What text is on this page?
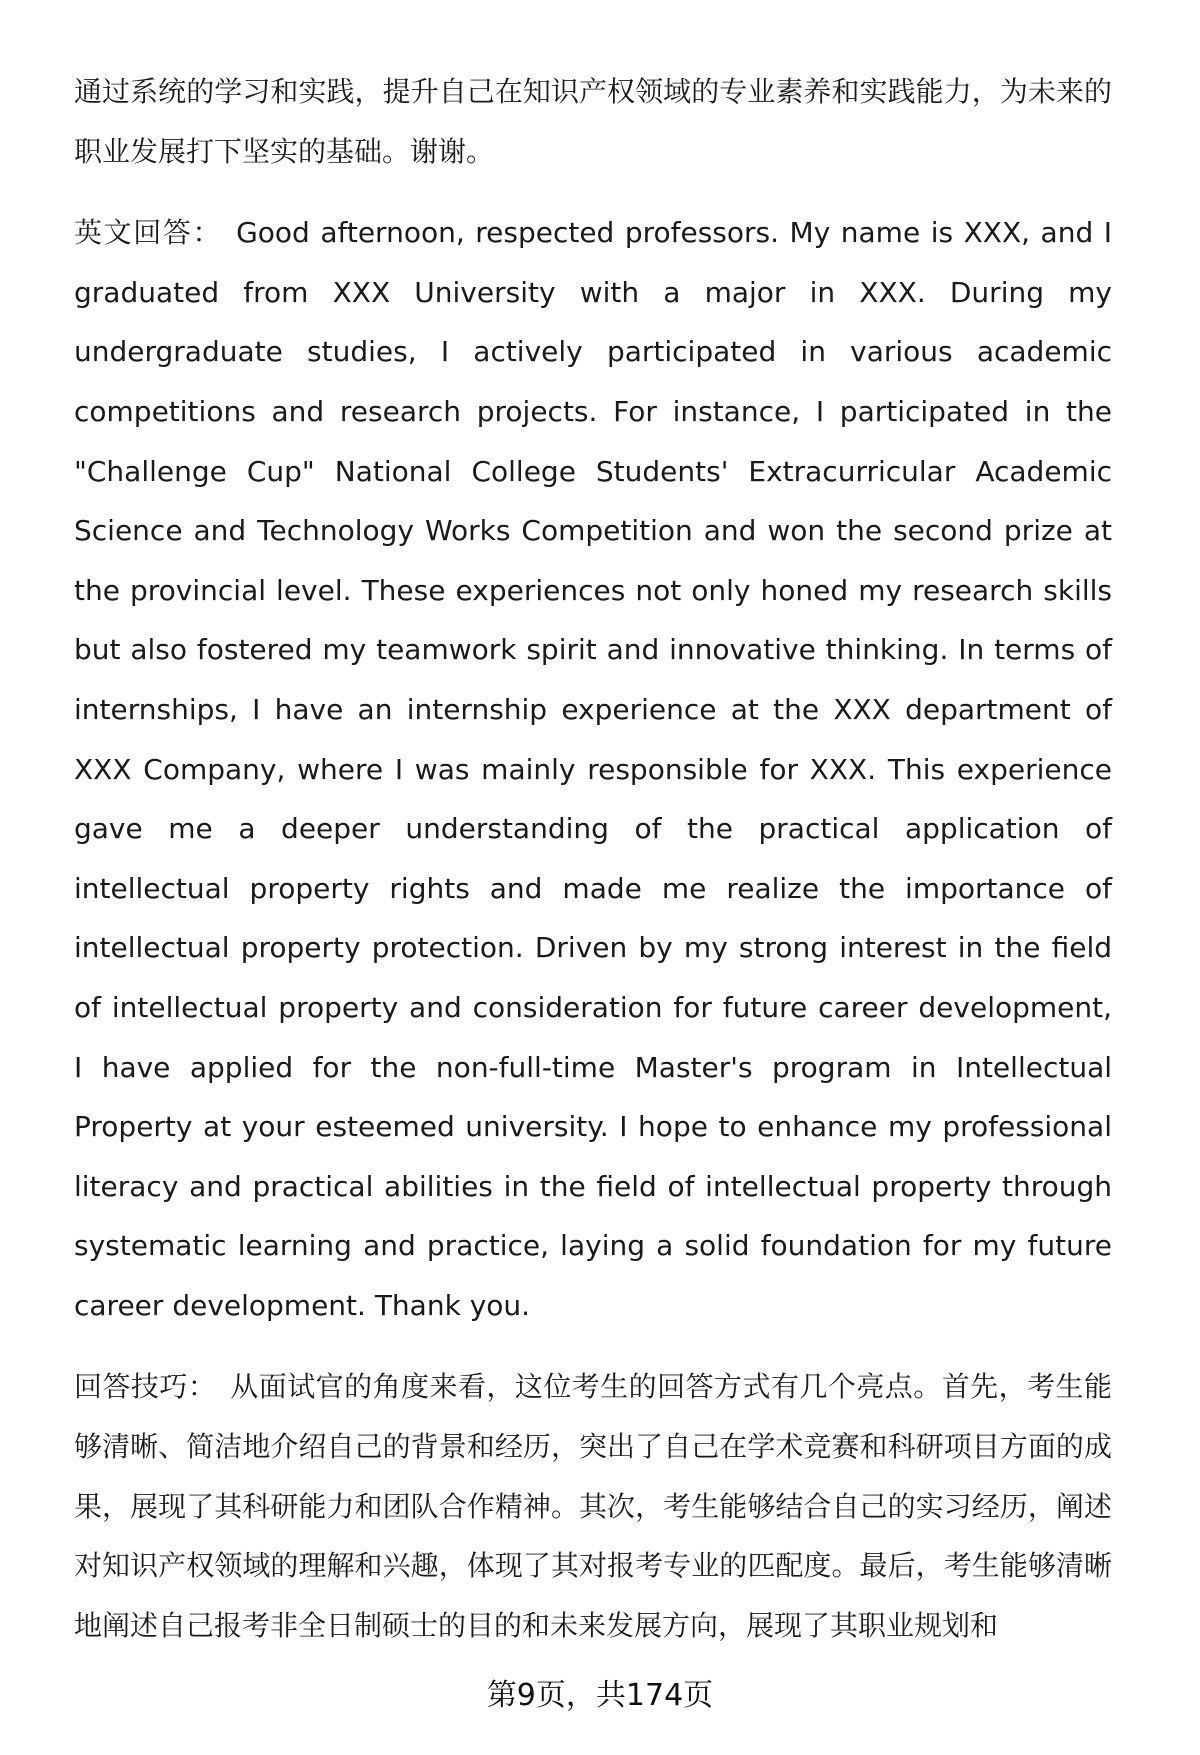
通过系统的学习和实践，提升自己在知识产权领域的专业素养和实践能力，为未来的职业发展打下坚实的基础。谢谢。

英文回答： Good afternoon, respected professors. My name is XXX, and I graduated from XXX University with a major in XXX. During my undergraduate studies, I actively participated in various academic competitions and research projects. For instance, I participated in the "Challenge Cup" National College Students' Extracurricular Academic Science and Technology Works Competition and won the second prize at the provincial level. These experiences not only honed my research skills but also fostered my teamwork spirit and innovative thinking. In terms of internships, I have an internship experience at the XXX department of XXX Company, where I was mainly responsible for XXX. This experience gave me a deeper understanding of the practical application of intellectual property rights and made me realize the importance of intellectual property protection. Driven by my strong interest in the field of intellectual property and consideration for future career development, I have applied for the non-full-time Master's program in Intellectual Property at your esteemed university. I hope to enhance my professional literacy and practical abilities in the field of intellectual property through systematic learning and practice, laying a solid foundation for my future career development. Thank you.

回答技巧： 从面试官的角度来看，这位考生的回答方式有几个亮点。首先，考生能够清晰、简洁地介绍自己的背景和经历，突出了自己在学术竞赛和科研项目方面的成果，展现了其科研能力和团队合作精神。其次，考生能够结合自己的实习经历，阐述对知识产权领域的理解和兴趣，体现了其对报考专业的匹配度。最后，考生能够清晰地阐述自己报考非全日制硕士的目的和未来发展方向，展现了其职业规划和

第9页，共174页
